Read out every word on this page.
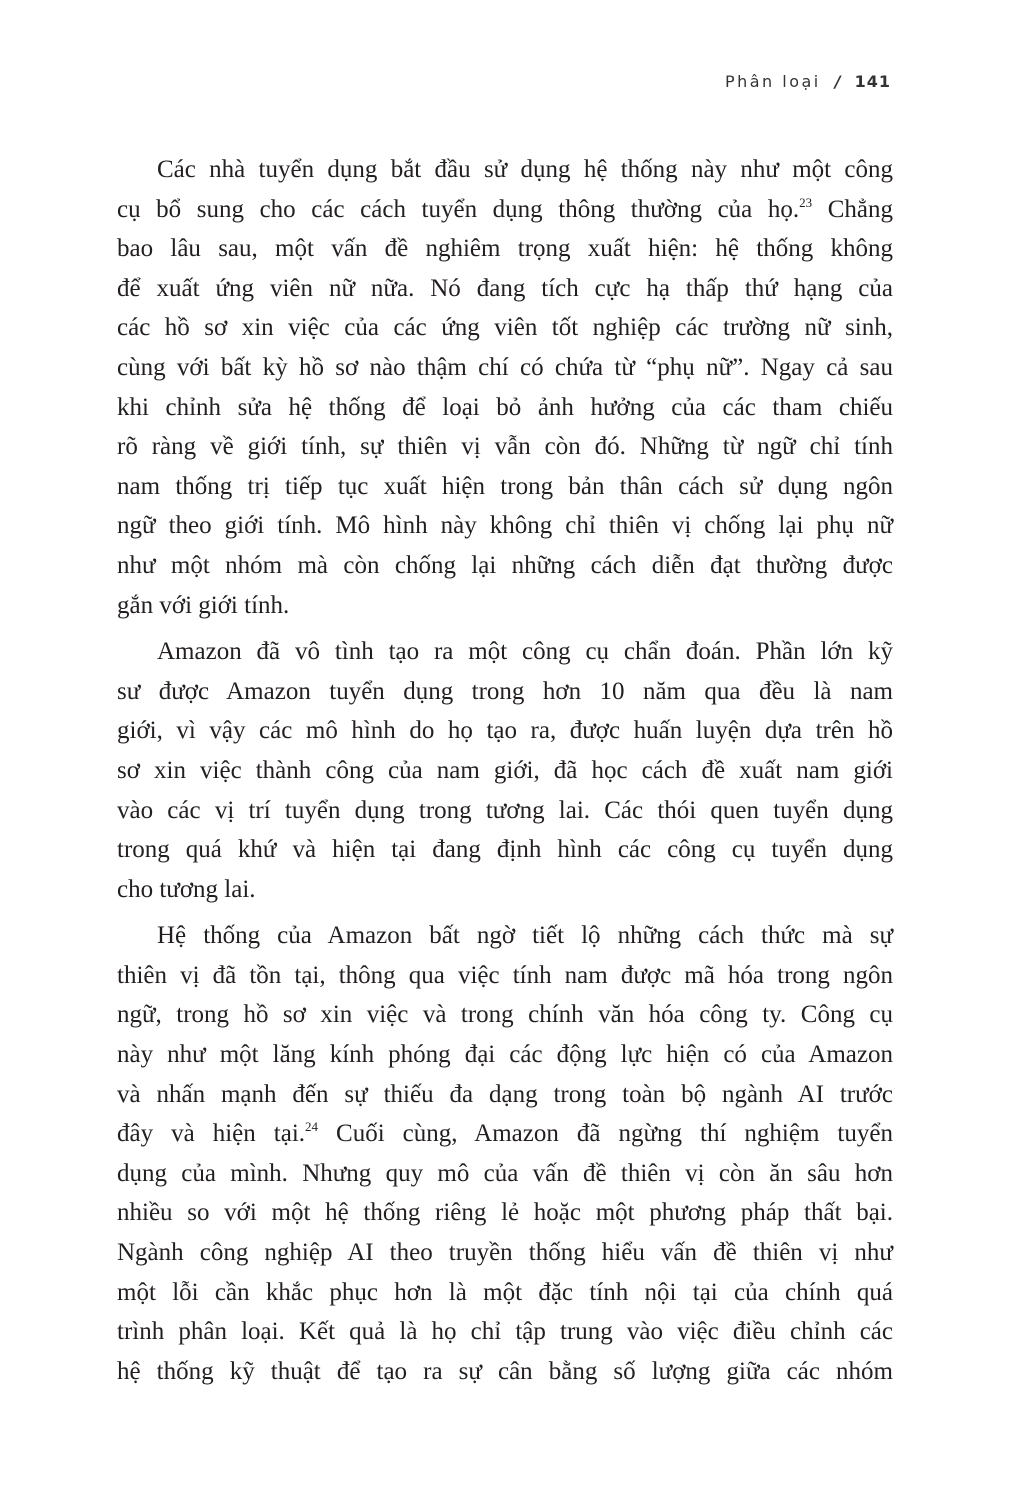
Phân loại / 141
Các nhà tuyển dụng bắt đầu sử dụng hệ thống này như một công
cụ bổ sung cho các cách tuyển dụng thông thường của họ.$^{23}$ Chẳng
bao lâu sau, một vấn đề nghiêm trọng xuất hiện: hệ thống không
để xuất ứng viên nữ nữa. Nó đang tích cực hạ thấp thứ hạng của
các hồ sơ xin việc của các ứng viên tốt nghiệp các trường nữ sinh,
cùng với bất kỳ hồ sơ nào thậm chí có chứa từ “phụ nữ”. Ngay cả sau
khi chỉnh sửa hệ thống để loại bỏ ảnh hưởng của các tham chiếu
rõ ràng về giới tính, sự thiên vị vẫn còn đó. Những từ ngữ chỉ tính
nam thống trị tiếp tục xuất hiện trong bản thân cách sử dụng ngôn
ngữ theo giới tính. Mô hình này không chỉ thiên vị chống lại phụ nữ
như một nhóm mà còn chống lại những cách diễn đạt thường được
gắn với giới tính.
Amazon đã vô tình tạo ra một công cụ chẩn đoán. Phần lớn kỹ
sư được Amazon tuyển dụng trong hơn 10 năm qua đều là nam
giới, vì vậy các mô hình do họ tạo ra, được huấn luyện dựa trên hồ
sơ xin việc thành công của nam giới, đã học cách đề xuất nam giới
vào các vị trí tuyển dụng trong tương lai. Các thói quen tuyển dụng
trong quá khứ và hiện tại đang định hình các công cụ tuyển dụng
cho tương lai.
Hệ thống của Amazon bất ngờ tiết lộ những cách thức mà sự
thiên vị đã tồn tại, thông qua việc tính nam được mã hóa trong ngôn
ngữ, trong hồ sơ xin việc và trong chính văn hóa công ty. Công cụ
này như một lăng kính phóng đại các động lực hiện có của Amazon
và nhấn mạnh đến sự thiếu đa dạng trong toàn bộ ngành AI trước
đây và hiện tại.$^{24}$ Cuối cùng, Amazon đã ngừng thí nghiệm tuyển
dụng của mình. Nhưng quy mô của vấn đề thiên vị còn ăn sâu hơn
nhiều so với một hệ thống riêng lẻ hoặc một phương pháp thất bại.
Ngành công nghiệp AI theo truyền thống hiểu vấn đề thiên vị như
một lỗi cần khắc phục hơn là một đặc tính nội tại của chính quá
trình phân loại. Kết quả là họ chỉ tập trung vào việc điều chỉnh các
hệ thống kỹ thuật để tạo ra sự cân bằng số lượng giữa các nhóm
